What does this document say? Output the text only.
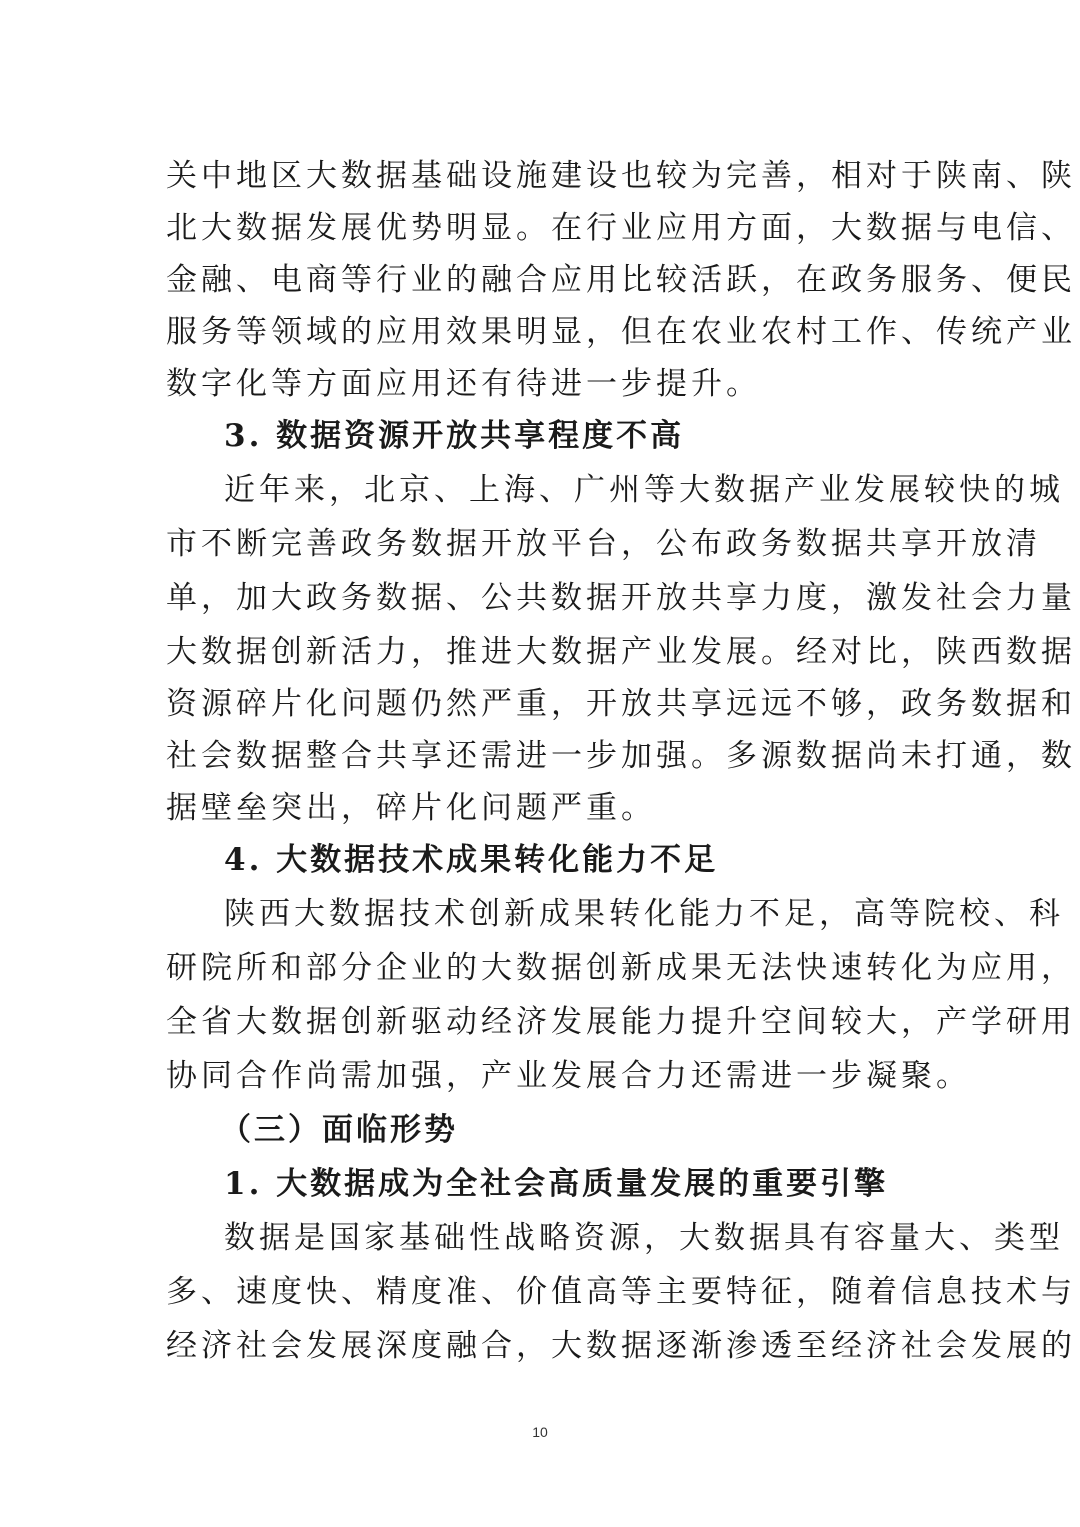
关中地区大数据基础设施建设也较为完善，相对于陕南、陕
北大数据发展优势明显。在行业应用方面，大数据与电信、
金融、电商等行业的融合应用比较活跃，在政务服务、便民
服务等领域的应用效果明显，但在农业农村工作、传统产业
数字化等方面应用还有待进一步提升。
3. 数据资源开放共享程度不高
近年来，北京、上海、广州等大数据产业发展较快的城
市不断完善政务数据开放平台，公布政务数据共享开放清
单，加大政务数据、公共数据开放共享力度，激发社会力量
大数据创新活力，推进大数据产业发展。经对比，陕西数据
资源碎片化问题仍然严重，开放共享远远不够，政务数据和
社会数据整合共享还需进一步加强。多源数据尚未打通，数
据壁垒突出，碎片化问题严重。
4. 大数据技术成果转化能力不足
陕西大数据技术创新成果转化能力不足，高等院校、科
研院所和部分企业的大数据创新成果无法快速转化为应用，
全省大数据创新驱动经济发展能力提升空间较大，产学研用
协同合作尚需加强，产业发展合力还需进一步凝聚。
（三）面临形势
1. 大数据成为全社会高质量发展的重要引擎
数据是国家基础性战略资源，大数据具有容量大、类型
多、速度快、精度准、价值高等主要特征，随着信息技术与
经济社会发展深度融合，大数据逐渐渗透至经济社会发展的
10
